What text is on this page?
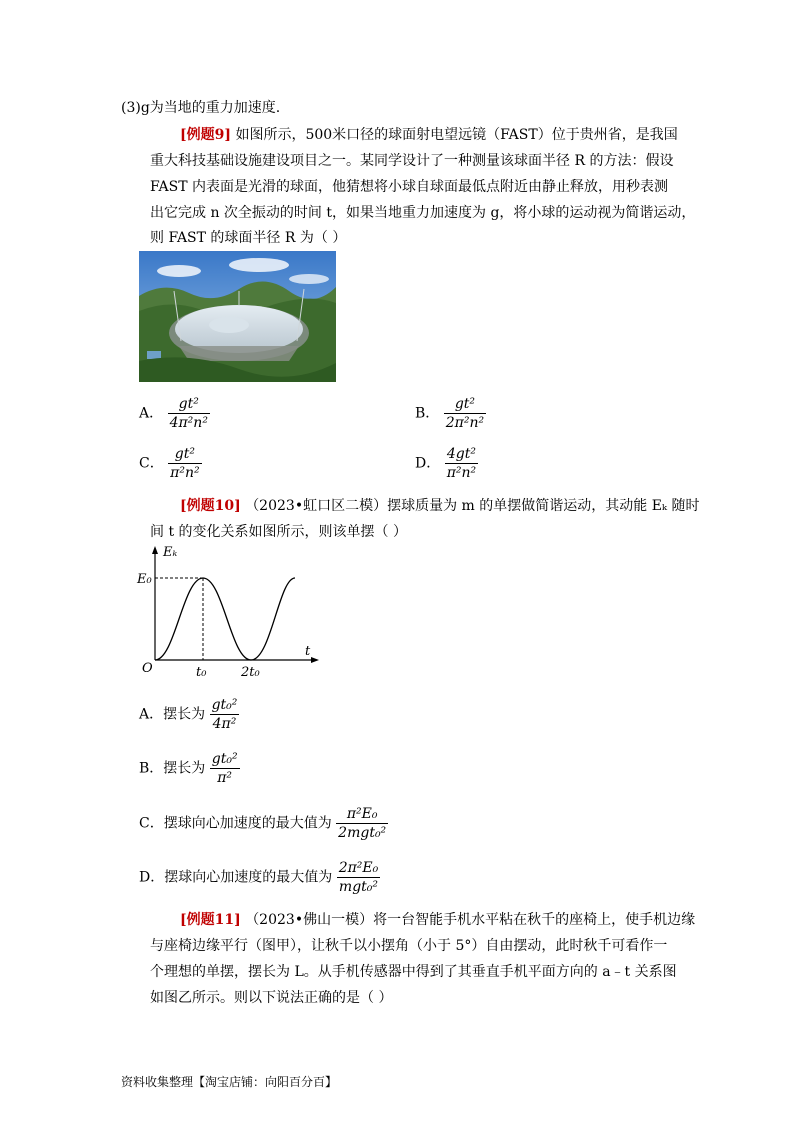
(3)g为当地的重力加速度.
[例题9] 如图所示，500米口径的球面射电望远镜（FAST）位于贵州省，是我国
重大科技基础设施建设项目之一。某同学设计了一种测量该球面半径 R 的方法：假设
FAST 内表面是光滑的球面，他猜想将小球自球面最低点附近由静止释放，用秒表测
出它完成 n 次全振动的时间 t，如果当地重力加速度为 g，将小球的运动视为简谐运动，
则 FAST 的球面半径 R 为（ ）
A． $\frac{\text{gt²}}{\text{4π²n²}}$	B． $\frac{\text{gt²}}{\text{2π²n²}}$
C． $\frac{\text{gt²}}{\text{π²n²}}$	D． $\frac{\text{4gt²}}{\text{π²n²}}$
[例题10] （2023•虹口区二模）摆球质量为 m 的单摆做简谐运动，其动能 Eₖ 随时
间 t 的变化关系如图所示，则该单摆（ ）
Eₖ
t
O
E₀
t₀	2t₀
A．摆长为 $\frac{\text{gt₀²}}{\text{4π²}}$
B．摆长为 $\frac{\text{gt₀²}}{\text{π²}}$
C．摆球向心加速度的最大值为 $\frac{\text{π²E₀}}{\text{2mgt₀²}}$
D．摆球向心加速度的最大值为 $\frac{\text{2π²E₀}}{\text{mgt₀²}}$
[例题11] （2023•佛山一模）将一台智能手机水平粘在秋千的座椅上，使手机边缘
与座椅边缘平行（图甲），让秋千以小摆角（小于 5°）自由摆动，此时秋千可看作一
个理想的单摆，摆长为 L。从手机传感器中得到了其垂直手机平面方向的 a﹣t 关系图
如图乙所示。则以下说法正确的是（ ）
资料收集整理【淘宝店铺：向阳百分百】
